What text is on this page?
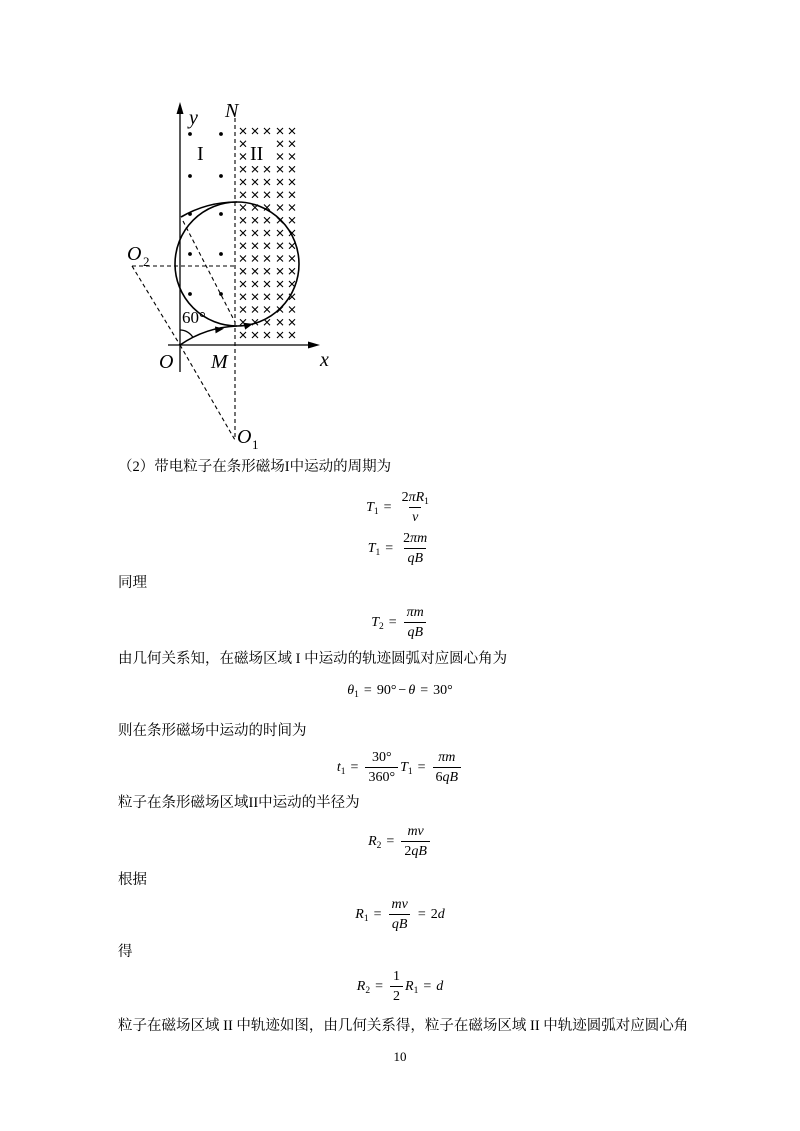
y N
I II
O 2
60°
O M	x
O 1
（2）带电粒子在条形磁场I中运动的周期为
$T_1 = \frac{2\pi R_1}{v}$
$T_1 = \frac{2\pi m}{qB}$
同理
$T_2 = \frac{\pi m}{qB}$
由几何关系知，在磁场区域 I 中运动的轨迹圆弧对应圆心角为
$\theta_1 = 90^\circ - \theta = 30^\circ$
则在条形磁场中运动的时间为
$t_1 = \frac{30^\circ}{360^\circ} T_1 = \frac{\pi m}{6qB}$
粒子在条形磁场区域II中运动的半径为
$R_2 = \frac{mv}{2qB}$
根据
$R_1 = \frac{mv}{qB} = 2d$
得
$R_2 = \frac{1}{2} R_1 = d$
粒子在磁场区域 II 中轨迹如图，由几何关系得，粒子在磁场区域 II 中轨迹圆弧对应圆心角
10
